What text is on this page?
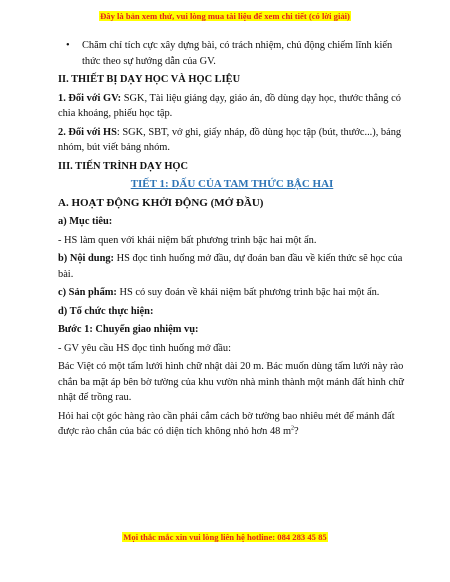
Đây là bản xem thử, vui lòng mua tài liệu để xem chi tiết (có lời giải)

• Chăm chỉ tích cực xây dựng bài, có trách nhiệm, chủ động chiếm lĩnh kiến thức theo sự hướng dẫn của GV.

II. THIẾT BỊ DẠY HỌC VÀ HỌC LIỆU

1. Đối với GV: SGK, Tài liệu giảng dạy, giáo án, đồ dùng dạy học, thước thẳng có chia khoảng, phiếu học tập.

2. Đối với HS: SGK, SBT, vở ghi, giấy nháp, đồ dùng học tập (bút, thước...), bảng nhóm, bút viết bảng nhóm.

III. TIẾN TRÌNH DẠY HỌC

TIẾT 1: DẤU CỦA TAM THỨC BẬC HAI

A. HOẠT ĐỘNG KHỞI ĐỘNG (MỞ ĐẦU)

a) Mục tiêu:

- HS làm quen với khái niệm bất phương trình bậc hai một ẩn.

b) Nội dung: HS đọc tình huống mở đầu, dự đoán ban đầu về kiến thức sẽ học của bài.

c) Sản phẩm: HS có suy đoán về khái niệm bất phương trình bậc hai một ẩn.

d) Tổ chức thực hiện:

Bước 1: Chuyển giao nhiệm vụ:

- GV yêu cầu HS đọc tình huống mở đầu:

Bác Việt có một tấm lưới hình chữ nhật dài 20 m. Bác muốn dùng tấm lưới này rào chắn ba mặt áp bên bờ tường của khu vườn nhà mình thành một mảnh đất hình chữ nhật để trồng rau.

Hỏi hai cột góc hàng rào cần phải cắm cách bờ tường bao nhiêu mét để mảnh đất được rào chắn của bác có diện tích không nhỏ hơn 48 $m^2$?

Mọi thắc mắc xin vui lòng liên hệ hotline: 084 283 45 85
